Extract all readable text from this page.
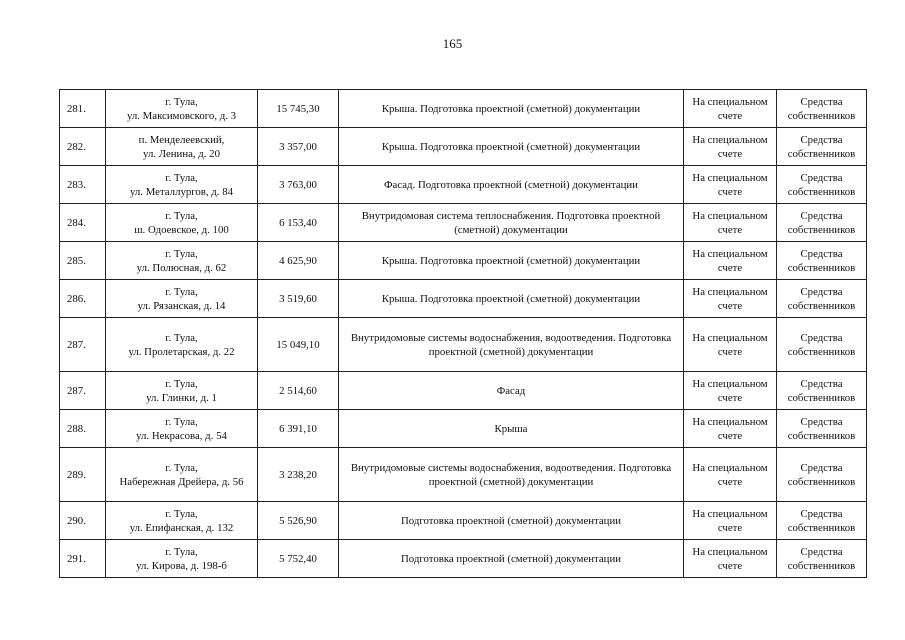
165
281.	г. Тула,
ул. Максимовского, д. 3	15 745,30	Крыша. Подготовка проектной (сметной) документации	На специальном
счете	Средства
собственников

282.	п. Менделеевский,
ул. Ленина, д. 20	3 357,00	Крыша. Подготовка проектной (сметной) документации	На специальном
счете	Средства
собственников

283.	г. Тула,
ул. Металлургов, д. 84	3 763,00	Фасад. Подготовка проектной (сметной) документации	На специальном
счете	Средства
собственников

284.	г. Тула,
ш. Одоевское, д. 100	6 153,40	Внутридомовая система теплоснабжения. Подготовка проектной (сметной) документации	На специальном
счете	Средства
собственников

285.	г. Тула,
ул. Полюсная, д. 62	4 625,90	Крыша. Подготовка проектной (сметной) документации	На специальном
счете	Средства
собственников

286.	г. Тула,
ул. Рязанская, д. 14	3 519,60	Крыша. Подготовка проектной (сметной) документации	На специальном
счете	Средства
собственников

287.	г. Тула,
ул. Пролетарская, д. 22	15 049,10	Внутридомовые системы водоснабжения, водоотведения. Подготовка проектной (сметной) документации	На специальном
счете	Средства
собственников

287.	г. Тула,
ул. Глинки, д. 1	2 514,60	Фасад	На специальном
счете	Средства
собственников

288.	г. Тула,
ул. Некрасова, д. 54	6 391,10	Крыша	На специальном
счете	Средства
собственников

289.	г. Тула,
Набережная Дрейера, д. 56	3 238,20	Внутридомовые системы водоснабжения, водоотведения. Подготовка проектной (сметной) документации	На специальном
счете	Средства
собственников

290.	г. Тула,
ул. Епифанская, д. 132	5 526,90	Подготовка проектной (сметной) документации	На специальном
счете	Средства
собственников

291.	г. Тула,
ул. Кирова, д. 198-б	5 752,40	Подготовка проектной (сметной) документации	На специальном
счете	Средства
собственников
